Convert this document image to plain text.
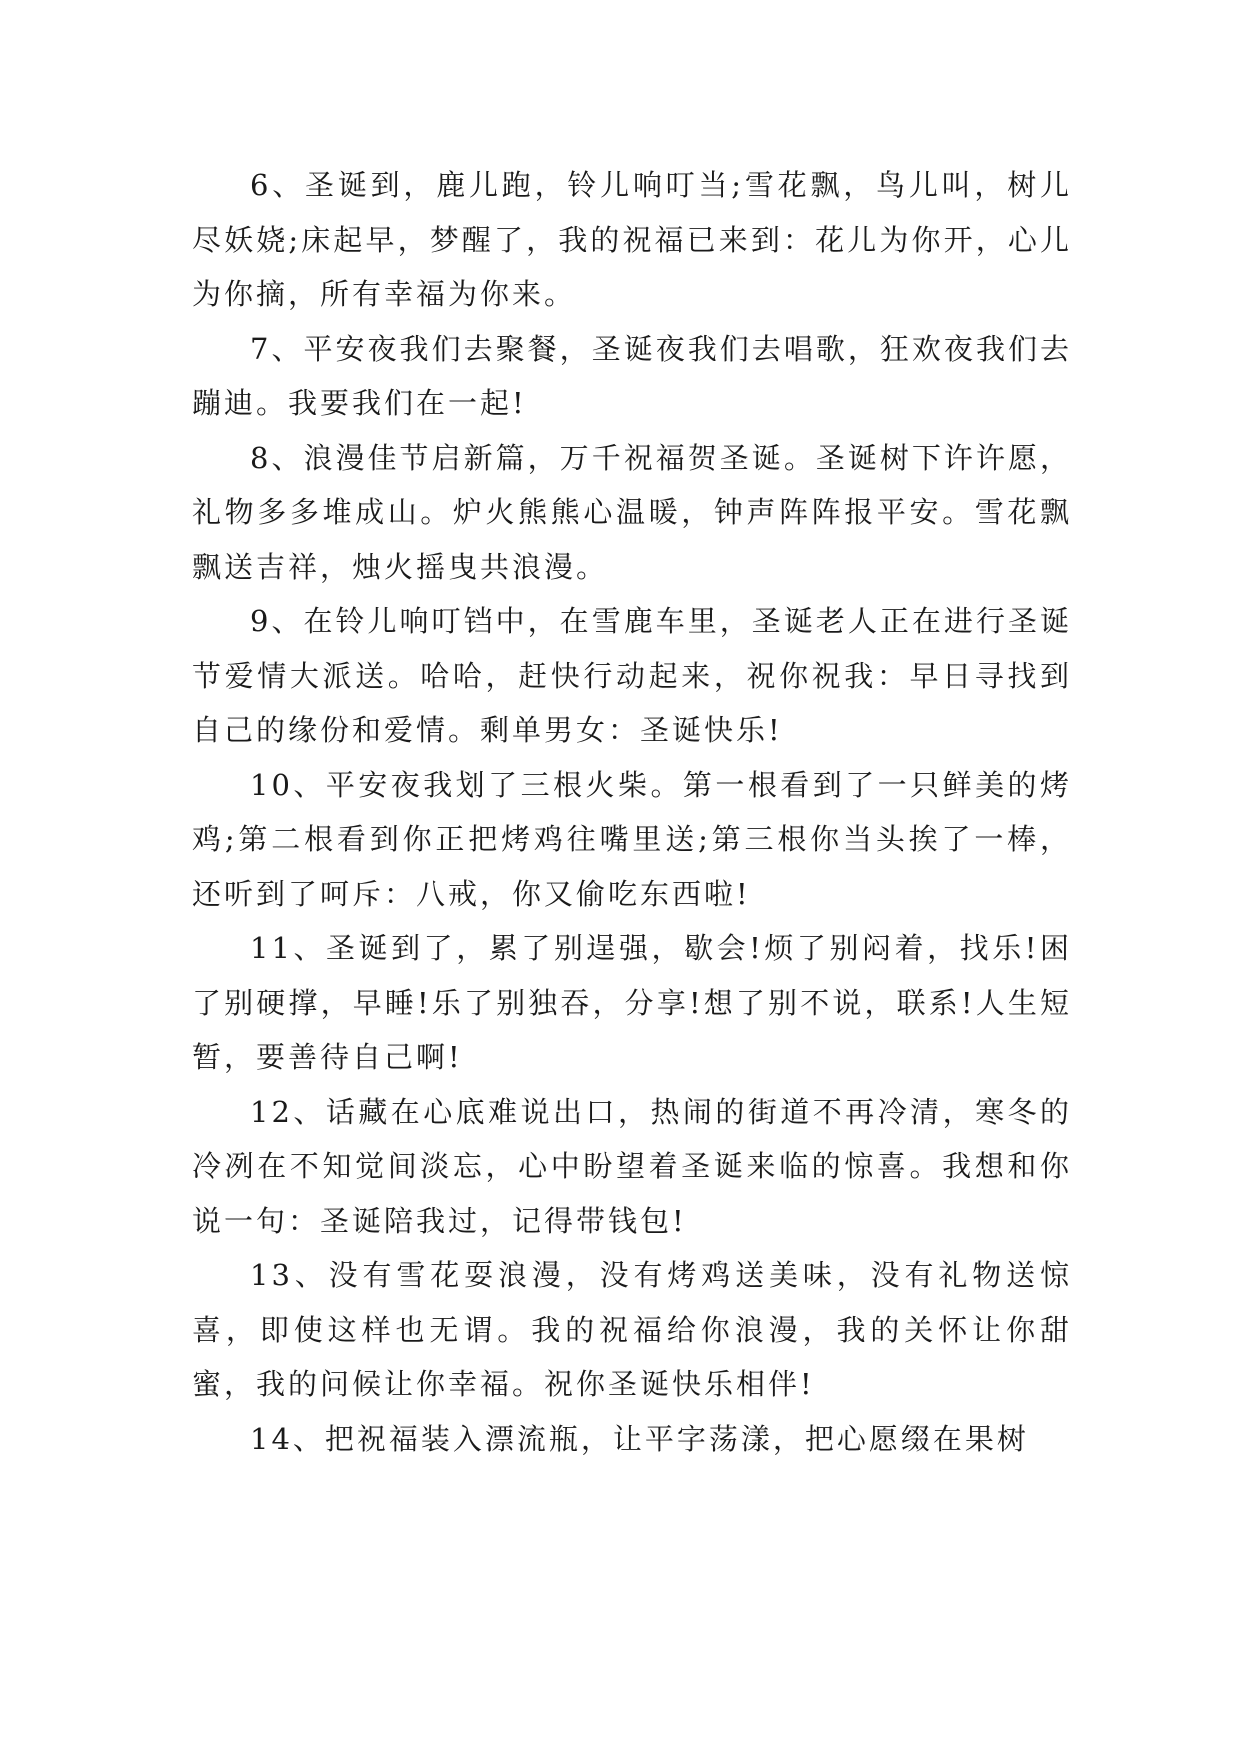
6、圣诞到，鹿儿跑，铃儿响叮当;雪花飘，鸟儿叫，树儿尽妖娆;床起早，梦醒了，我的祝福已来到：花儿为你开，心儿为你摘，所有幸福为你来。

7、平安夜我们去聚餐，圣诞夜我们去唱歌，狂欢夜我们去蹦迪。我要我们在一起!

8、浪漫佳节启新篇，万千祝福贺圣诞。圣诞树下许许愿，礼物多多堆成山。炉火熊熊心温暖，钟声阵阵报平安。雪花飘飘送吉祥，烛火摇曳共浪漫。

9、在铃儿响叮铛中，在雪鹿车里，圣诞老人正在进行圣诞节爱情大派送。哈哈，赶快行动起来，祝你祝我：早日寻找到自己的缘份和爱情。剩单男女：圣诞快乐!

10、平安夜我划了三根火柴。第一根看到了一只鲜美的烤鸡;第二根看到你正把烤鸡往嘴里送;第三根你当头挨了一棒，还听到了呵斥：八戒，你又偷吃东西啦!

11、圣诞到了，累了别逞强，歇会!烦了别闷着，找乐!困了别硬撑，早睡!乐了别独吞，分享!想了别不说，联系!人生短暂，要善待自己啊!

12、话藏在心底难说出口，热闹的街道不再冷清，寒冬的冷冽在不知觉间淡忘，心中盼望着圣诞来临的惊喜。我想和你说一句：圣诞陪我过，记得带钱包!

13、没有雪花耍浪漫，没有烤鸡送美味，没有礼物送惊喜，即使这样也无谓。我的祝福给你浪漫，我的关怀让你甜蜜，我的问候让你幸福。祝你圣诞快乐相伴!

14、把祝福装入漂流瓶，让平字荡漾，把心愿缀在果树
